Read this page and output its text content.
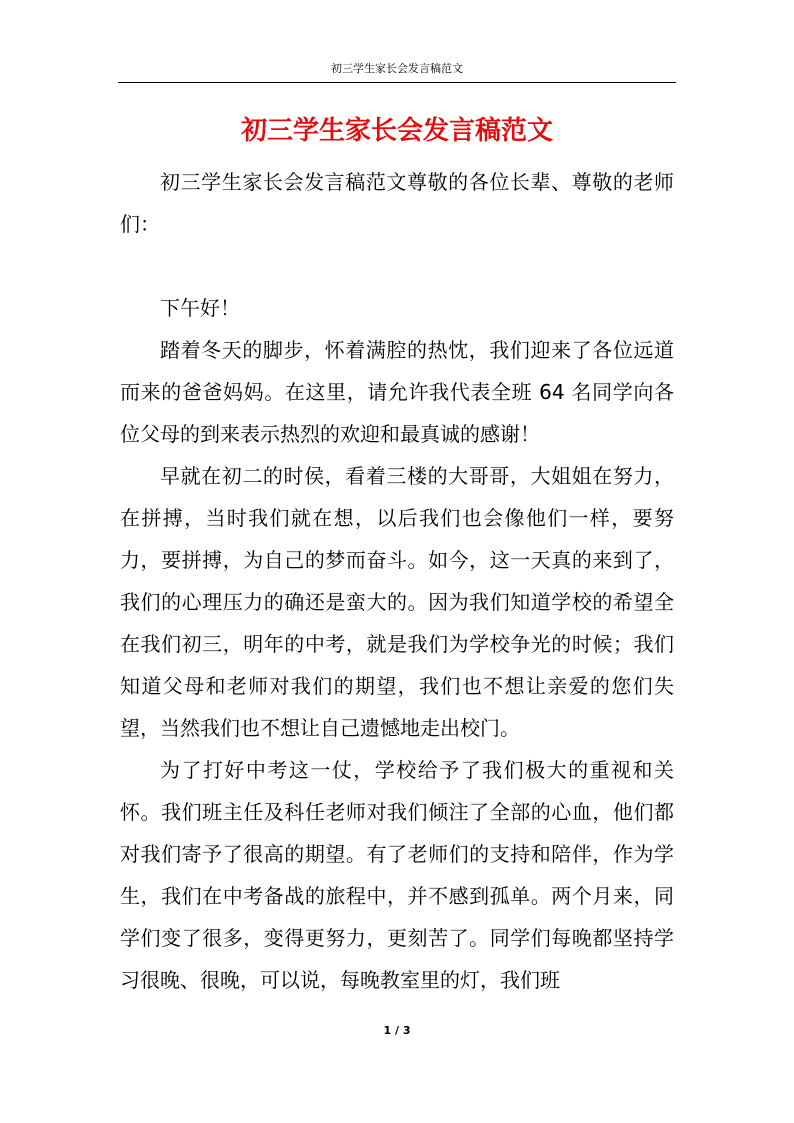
初三学生家长会发言稿范文
初三学生家长会发言稿范文

初三学生家长会发言稿范文尊敬的各位长辈、尊敬的老师们：

下午好！

踏着冬天的脚步，怀着满腔的热忱，我们迎来了各位远道而来的爸爸妈妈。在这里，请允许我代表全班 64 名同学向各位父母的到来表示热烈的欢迎和最真诚的感谢！

早就在初二的时侯，看着三楼的大哥哥，大姐姐在努力，在拼搏，当时我们就在想，以后我们也会像他们一样，要努力，要拼搏，为自己的梦而奋斗。如今，这一天真的来到了，我们的心理压力的确还是蛮大的。因为我们知道学校的希望全在我们初三，明年的中考，就是我们为学校争光的时候；我们知道父母和老师对我们的期望，我们也不想让亲爱的您们失望，当然我们也不想让自己遗憾地走出校门。

为了打好中考这一仗，学校给予了我们极大的重视和关怀。我们班主任及科任老师对我们倾注了全部的心血，他们都对我们寄予了很高的期望。有了老师们的支持和陪伴，作为学生，我们在中考备战的旅程中，并不感到孤单。两个月来，同学们变了很多，变得更努力，更刻苦了。同学们每晚都坚持学习很晚、很晚，可以说，每晚教室里的灯，我们班

1 / 3
